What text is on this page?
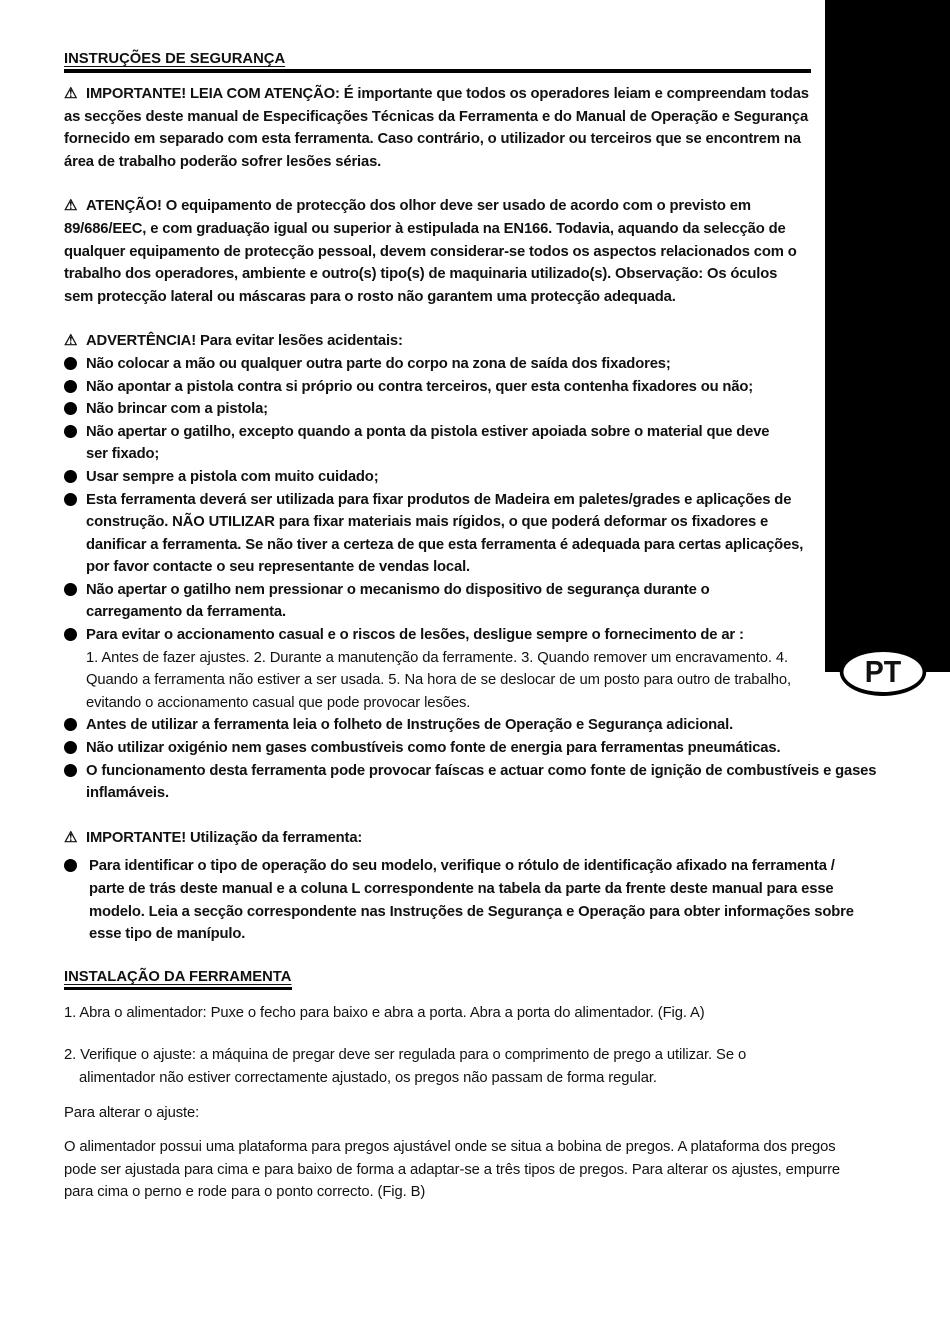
PT
INSTRUÇÕES DE SEGURANÇA

⚠ IMPORTANTE! LEIA COM ATENÇÃO: É importante que todos os operadores leiam e compreendam todas as secções deste manual de Especificações Técnicas da Ferramenta e do Manual de Operação e Segurança fornecido em separado com esta ferramenta. Caso contrário, o utilizador ou terceiros que se encontrem na área de trabalho poderão sofrer lesões sérias.

⚠ ATENÇÃO! O equipamento de protecção dos olhor deve ser usado de acordo com o previsto em 89/686/EEC, e com graduação igual ou superior à estipulada na EN166. Todavia, aquando da selecção de qualquer equipamento de protecção pessoal, devem considerar-se todos os aspectos relacionados com o trabalho dos operadores, ambiente e outro(s) tipo(s) de maquinaria utilizado(s). Observação: Os óculos sem protecção lateral ou máscaras para o rosto não garantem uma protecção adequada.

⚠ ADVERTÊNCIA! Para evitar lesões acidentais:

Não colocar a mão ou qualquer outra parte do corpo na zona de saída dos fixadores;
Não apontar a pistola contra si próprio ou contra terceiros, quer esta contenha fixadores ou não;
Não brincar com a pistola;
Não apertar o gatilho, excepto quando a ponta da pistola estiver apoiada sobre o material que deve ser fixado;
Usar sempre a pistola com muito cuidado;
Esta ferramenta deverá ser utilizada para fixar produtos de Madeira em paletes/grades e aplicações de construção. NÃO UTILIZAR para fixar materiais mais rígidos, o que poderá deformar os fixadores e danificar a ferramenta. Se não tiver a certeza de que esta ferramenta é adequada para certas aplicações, por favor contacte o seu representante de vendas local.
Não apertar o gatilho nem pressionar o mecanismo do dispositivo de segurança durante o carregamento da ferramenta.
Para evitar o accionamento casual e o riscos de lesões, desligue sempre o fornecimento de ar :
1. Antes de fazer ajustes. 2. Durante a manutenção da ferramente. 3. Quando remover um encravamento. 4. Quando a ferramenta não estiver a ser usada. 5. Na hora de se deslocar de um posto para outro de trabalho, evitando o accionamento casual que pode provocar lesões.
Antes de utilizar a ferramenta leia o folheto de Instruções de Operação e Segurança adicional.
Não utilizar oxigénio nem gases combustíveis como fonte de energia para ferramentas pneumáticas.
O funcionamento desta ferramenta pode provocar faíscas e actuar como fonte de ignição de combustíveis e gases inflamáveis.

⚠ IMPORTANTE! Utilização da ferramenta:

Para identificar o tipo de operação do seu modelo, verifique o rótulo de identificação afixado na ferramenta / parte de trás deste manual e a coluna L correspondente na tabela da parte da frente deste manual para esse modelo. Leia a secção correspondente nas Instruções de Segurança e Operação para obter informações sobre esse tipo de manípulo.
INSTALAÇÃO DA FERRAMENTA

1. Abra o alimentador: Puxe o fecho para baixo e abra a porta. Abra a porta do alimentador. (Fig. A)

2. Verifique o ajuste: a máquina de pregar deve ser regulada para o comprimento de prego a utilizar. Se o
alimentador não estiver correctamente ajustado, os pregos não passam de forma regular.

Para alterar o ajuste:

O alimentador possui uma plataforma para pregos ajustável onde se situa a bobina de pregos. A plataforma dos pregos pode ser ajustada para cima e para baixo de forma a adaptar-se a três tipos de pregos. Para alterar os ajustes, empurre para cima o perno e rode para o ponto correcto. (Fig. B)
